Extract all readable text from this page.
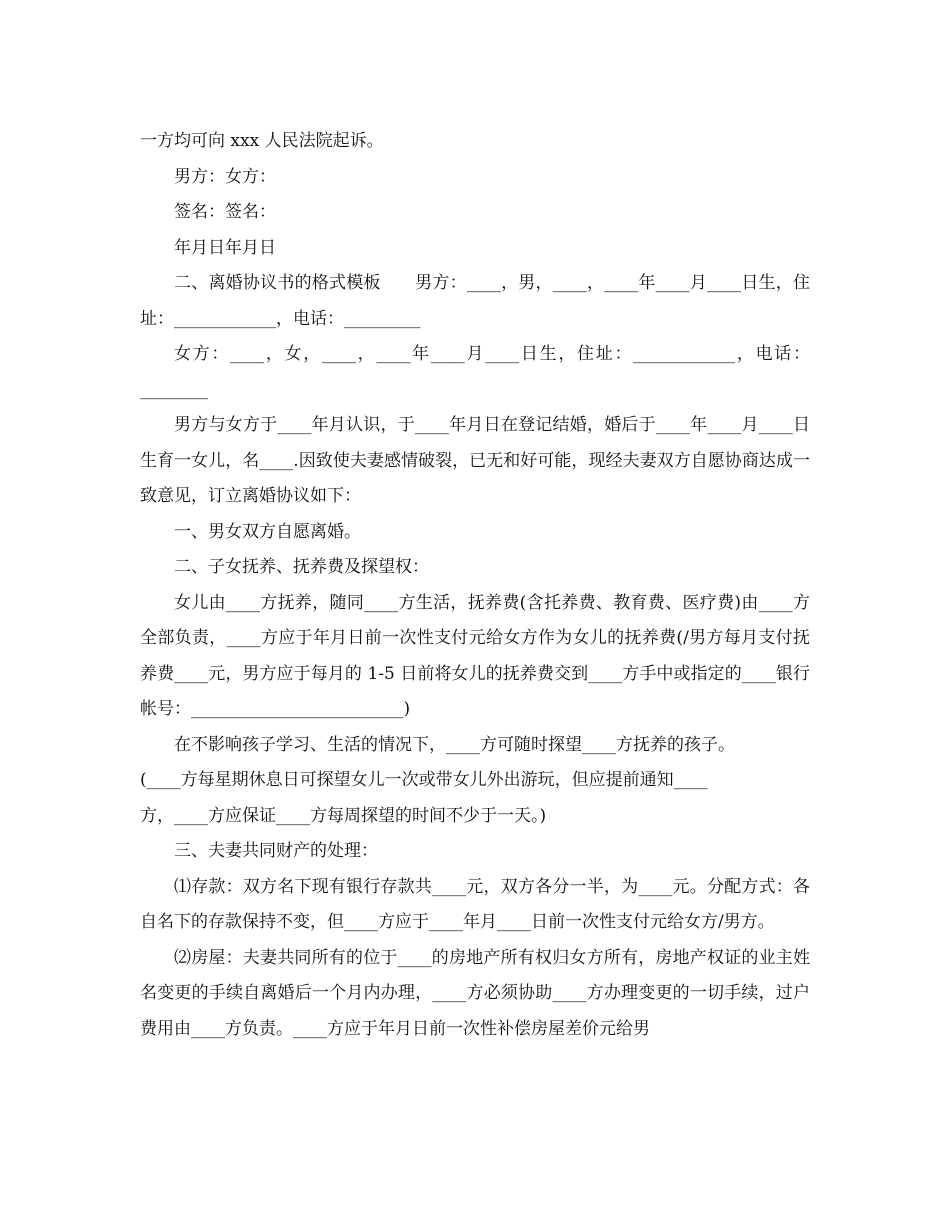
一方均可向 xxx 人民法院起诉。

男方：女方：

签名：签名：

年月日年月日

二、离婚协议书的格式模板　　男方：____，男，____，____年____月____日生，住址：____________，电话：_________

女方：____，女，____，____年____月____日生，住址：____________，电话：________

男方与女方于____年月认识，于____年月日在登记结婚，婚后于____年____月____日生育一女儿，名____.因致使夫妻感情破裂，已无和好可能，现经夫妻双方自愿协商达成一致意见，订立离婚协议如下：

一、男女双方自愿离婚。

二、子女抚养、抚养费及探望权：

女儿由____方抚养，随同____方生活，抚养费(含托养费、教育费、医疗费)由____方全部负责，____方应于年月日前一次性支付元给女方作为女儿的抚养费(/男方每月支付抚养费____元，男方应于每月的 1-5 日前将女儿的抚养费交到____方手中或指定的____银行帐号：_________________________)

在不影响孩子学习、生活的情况下，____方可随时探望____方抚养的孩子。

(____方每星期休息日可探望女儿一次或带女儿外出游玩，但应提前通知____
方，____方应保证____方每周探望的时间不少于一天。)

三、夫妻共同财产的处理：

⑴存款：双方名下现有银行存款共____元，双方各分一半，为____元。分配方式：各自名下的存款保持不变，但____方应于____年月____日前一次性支付元给女方/男方。

⑵房屋：夫妻共同所有的位于____的房地产所有权归女方所有，房地产权证的业主姓名变更的手续自离婚后一个月内办理，____方必须协助____方办理变更的一切手续，过户费用由____方负责。____方应于年月日前一次性补偿房屋差价元给男
